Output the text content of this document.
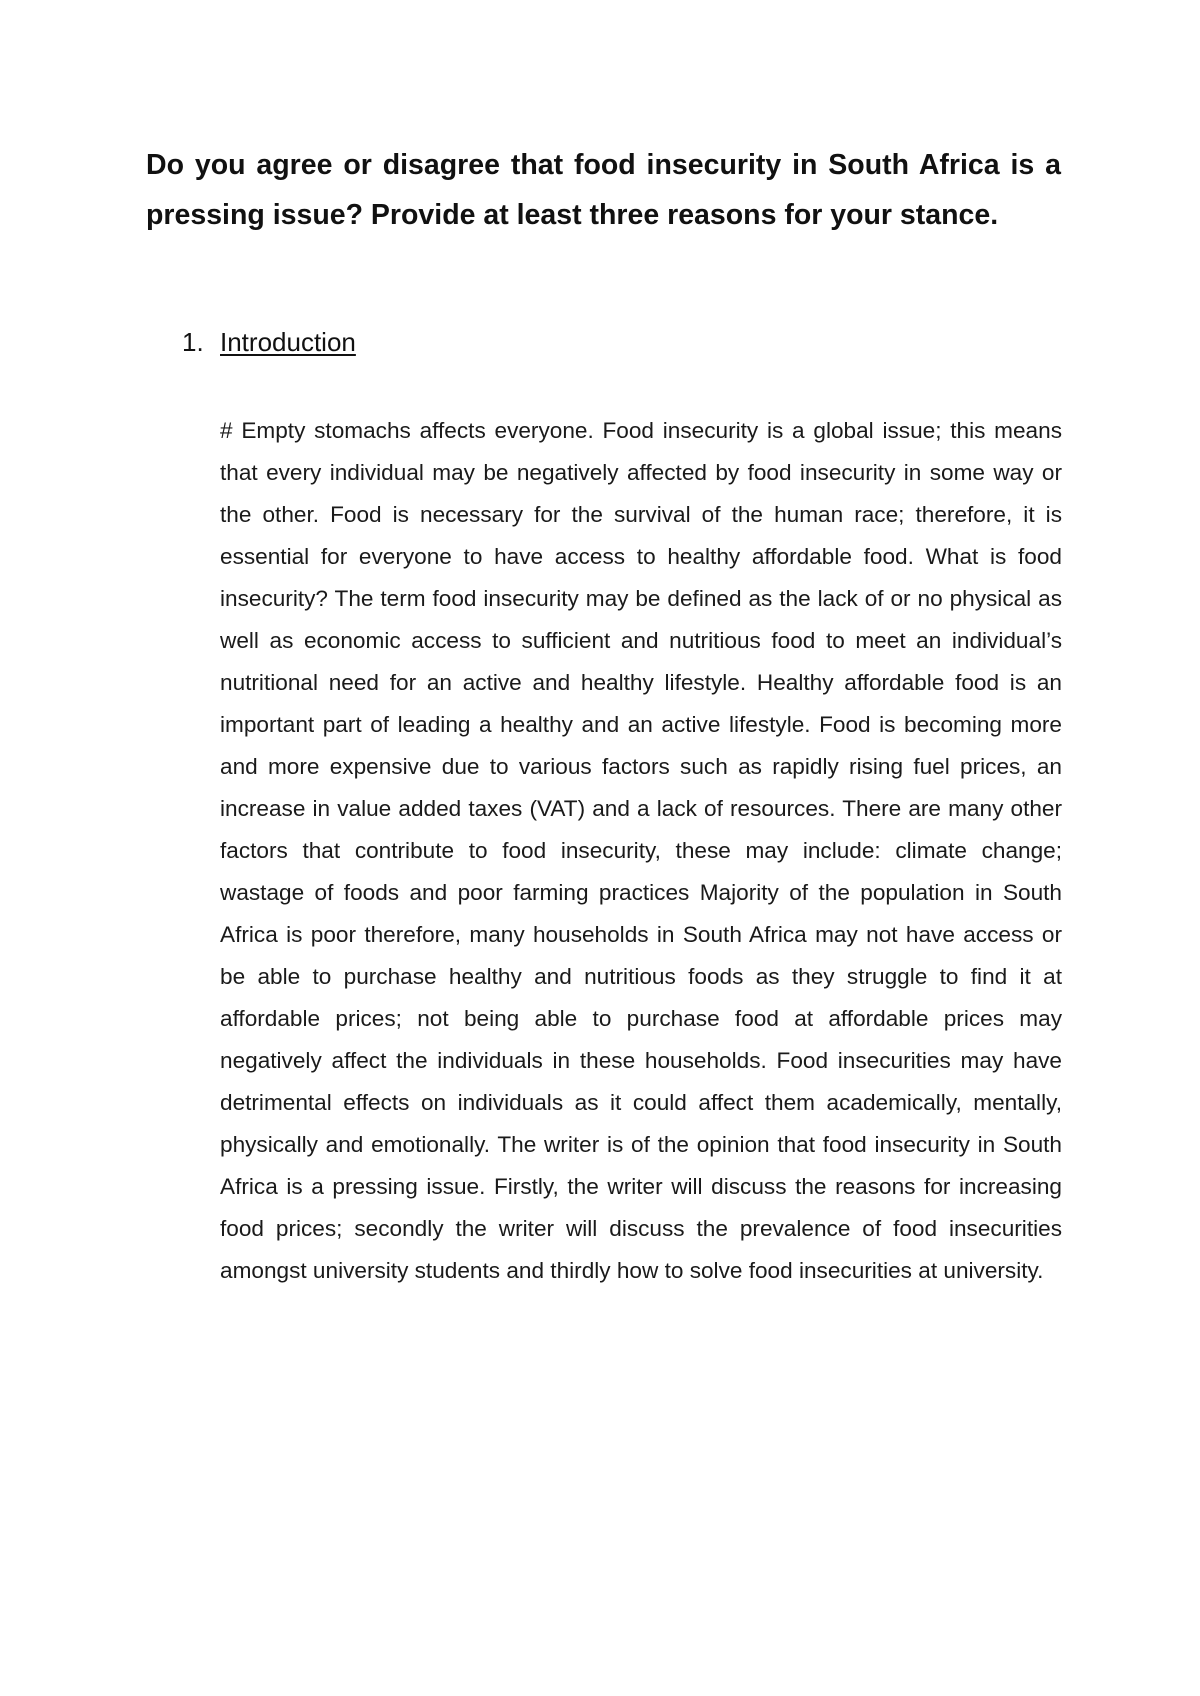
Do you agree or disagree that food insecurity in South Africa is a pressing issue? Provide at least three reasons for your stance.
1. Introduction

# Empty stomachs affects everyone. Food insecurity is a global issue; this means that every individual may be negatively affected by food insecurity in some way or the other. Food is necessary for the survival of the human race; therefore, it is essential for everyone to have access to healthy affordable food. What is food insecurity? The term food insecurity may be defined as the lack of or no physical as well as economic access to sufficient and nutritious food to meet an individual’s nutritional need for an active and healthy lifestyle. Healthy affordable food is an important part of leading a healthy and an active lifestyle. Food is becoming more and more expensive due to various factors such as rapidly rising fuel prices, an increase in value added taxes (VAT) and a lack of resources. There are many other factors that contribute to food insecurity, these may include: climate change; wastage of foods and poor farming practices Majority of the population in South Africa is poor therefore, many households in South Africa may not have access or be able to purchase healthy and nutritious foods as they struggle to find it at affordable prices; not being able to purchase food at affordable prices may negatively affect the individuals in these households. Food insecurities may have detrimental effects on individuals as it could affect them academically, mentally, physically and emotionally. The writer is of the opinion that food insecurity in South Africa is a pressing issue. Firstly, the writer will discuss the reasons for increasing food prices; secondly the writer will discuss the prevalence of food insecurities amongst university students and thirdly how to solve food insecurities at university.
